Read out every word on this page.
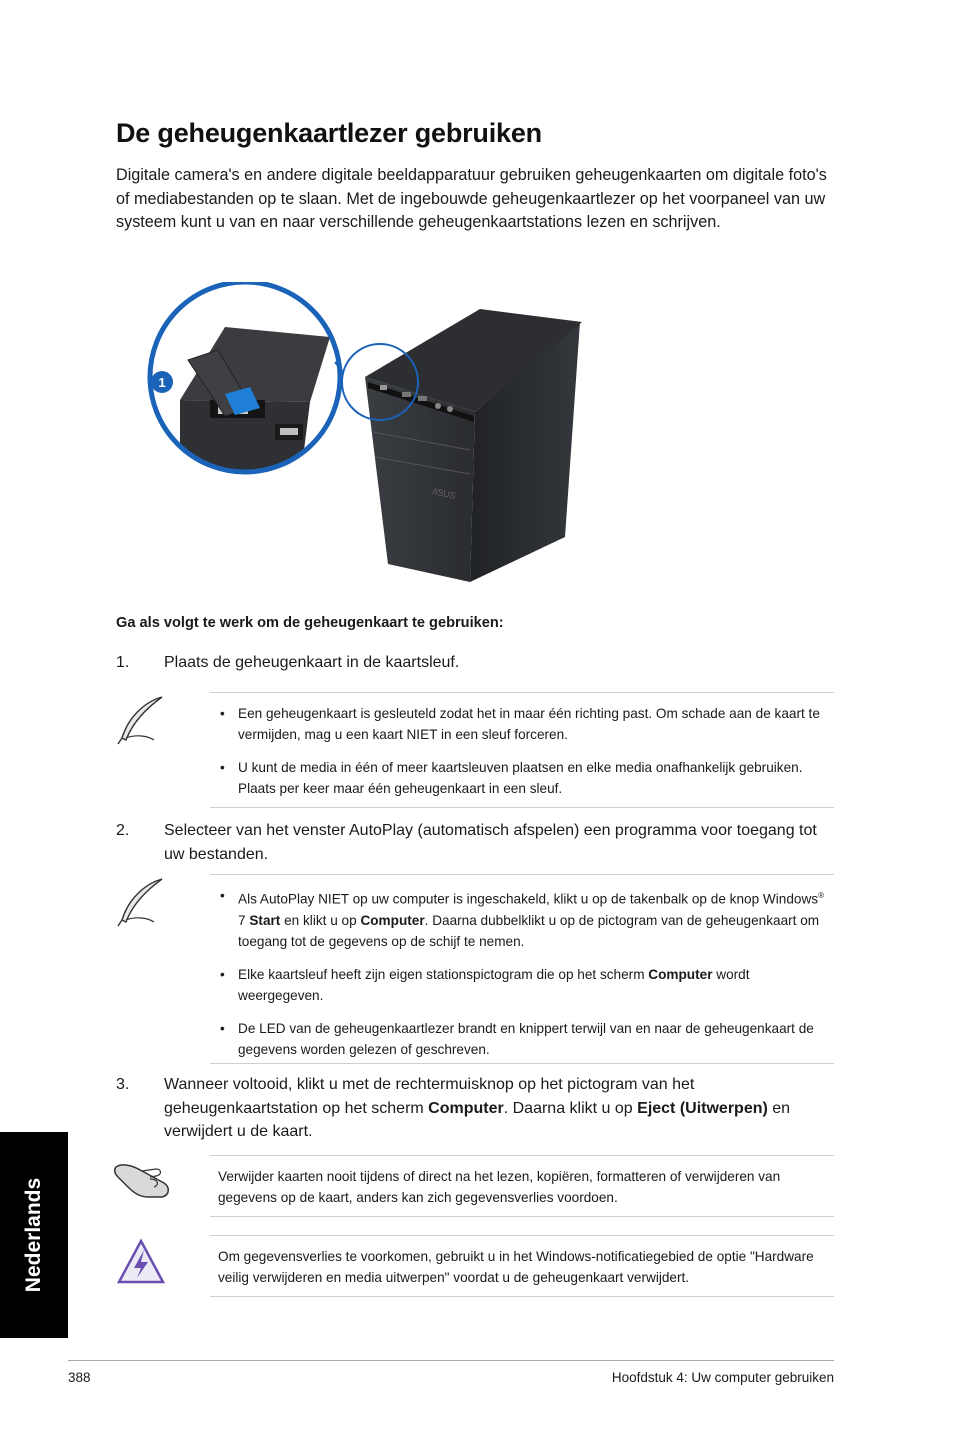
De geheugenkaartlezer gebruiken

Digitale camera's en andere digitale beeldapparatuur gebruiken geheugenkaarten om digitale foto's of mediabestanden op te slaan. Met de ingebouwde geheugenkaartlezer op het voorpaneel van uw systeem kunt u van en naar verschillende geheugenkaartstations lezen en schrijven.

/ISUS
1

Ga als volgt te werk om de geheugenkaart te gebruiken:

1. Plaats de geheugenkaart in de kaartsleuf.
• Een geheugenkaart is gesleuteld zodat het in maar één richting past. Om schade aan de kaart te vermijden, mag u een kaart NIET in een sleuf forceren.
• U kunt de media in één of meer kaartsleuven plaatsen en elke media onafhankelijk gebruiken. Plaats per keer maar één geheugenkaart in een sleuf.
2. Selecteer van het venster AutoPlay (automatisch afspelen) een programma voor toegang tot uw bestanden.
• Als AutoPlay NIET op uw computer is ingeschakeld, klikt u op de takenbalk op de knop Windows® 7 Start en klikt u op Computer. Daarna dubbelklikt u op de pictogram van de geheugenkaart om toegang tot de gegevens op de schijf te nemen.
• Elke kaartsleuf heeft zijn eigen stationspictogram die op het scherm Computer wordt weergegeven.
• De LED van de geheugenkaartlezer brandt en knippert terwijl van en naar de geheugenkaart de gegevens worden gelezen of geschreven.
3. Wanneer voltooid, klikt u met de rechtermuisknop op het pictogram van het geheugenkaartstation op het scherm Computer. Daarna klikt u op Eject (Uitwerpen) en verwijdert u de kaart.

Verwijder kaarten nooit tijdens of direct na het lezen, kopiëren, formatteren of verwijderen van gegevens op de kaart, anders kan zich gegevensverlies voordoen.

Om gegevensverlies te voorkomen, gebruikt u in het Windows-notificatiegebied de optie "Hardware veilig verwijderen en media uitwerpen" voordat u de geheugenkaart verwijdert.

Nederlands
388	Hoofdstuk 4: Uw computer gebruiken
